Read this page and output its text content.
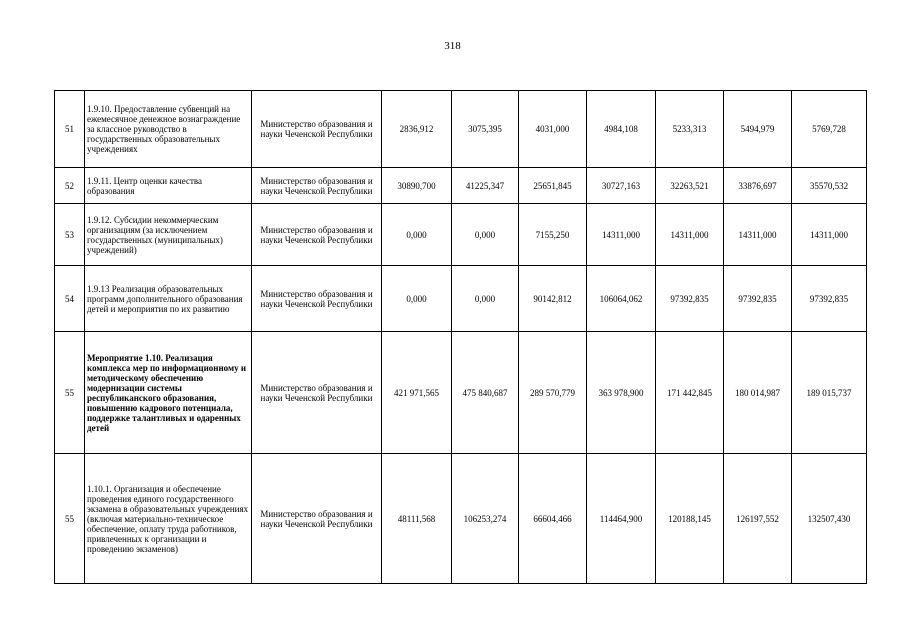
318
51	1.9.10. Предоставление субвенций на ежемесячное денежное вознаграждение за классное руководство в государственных образовательных учреждениях	Министерство образования и науки Чеченской Республики	2836,912	3075,395	4031,000	4984,108	5233,313	5494,979	5769,728
52	1.9.11. Центр оценки качества образования	Министерство образования и науки Чеченской Республики	30890,700	41225,347	25651,845	30727,163	32263,521	33876,697	35570,532
53	1.9.12. Субсидии некоммерческим организациям (за исключением государственных (муниципальных) учреждений)	Министерство образования и науки Чеченской Республики	0,000	0,000	7155,250	14311,000	14311,000	14311,000	14311,000
54	1.9.13 Реализация образовательных программ дополнительного образования детей и мероприятия по их развитию	Министерство образования и науки Чеченской Республики	0,000	0,000	90142,812	106064,062	97392,835	97392,835	97392,835
55	Мероприятие 1.10. Реализация комплекса мер по информационному и методическому обеспечению модернизации системы республиканского образования, повышению кадрового потенциала, поддержке талантливых и одаренных детей	Министерство образования и науки Чеченской Республики	421 971,565	475 840,687	289 570,779	363 978,900	171 442,845	180 014,987	189 015,737
55	1.10.1. Организация и обеспечение проведения единого государственного экзамена в образовательных учреждениях (включая материально-техническое обеспечение, оплату труда работников, привлеченных к организации и проведению экзаменов)	Министерство образования и науки Чеченской Республики	48111,568	106253,274	66604,466	114464,900	120188,145	126197,552	132507,430
